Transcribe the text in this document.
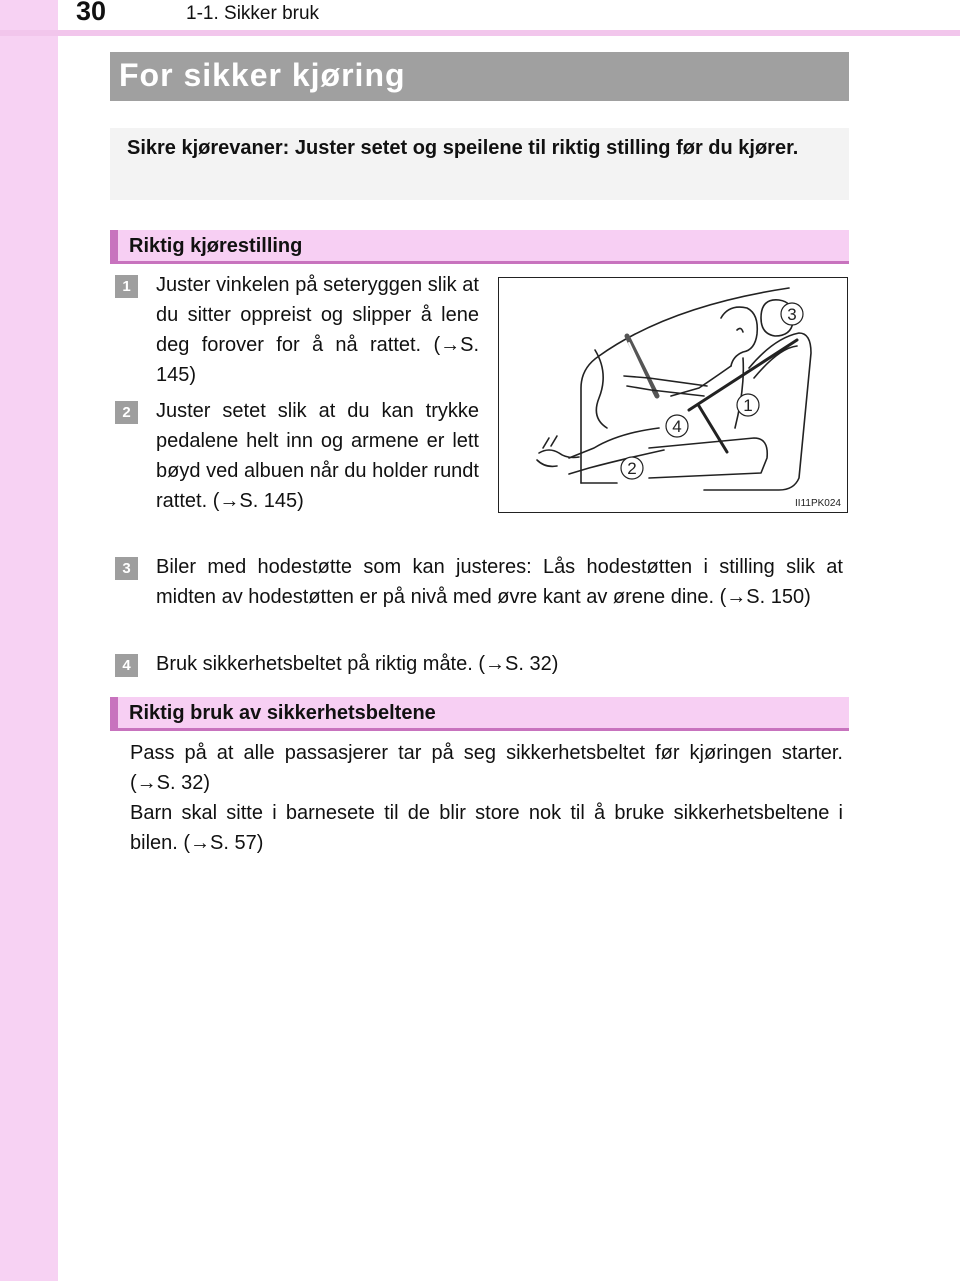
30	1-1. Sikker bruk
For sikker kjøring
Sikre kjørevaner: Juster setet og speilene til riktig stilling før du kjører.
Riktig kjørestilling
1	Juster vinkelen på seteryggen slik at du sitter oppreist og slipper å lene deg forover for å nå rattet. (→S. 145)
2	Juster setet slik at du kan trykke pedalene helt inn og armene er lett bøyd ved albuen når du holder rundt rattet. (→S. 145)
3
1
4
2
II11PK024
3	Biler med hodestøtte som kan justeres: Lås hodestøtten i stilling slik at midten av hodestøtten er på nivå med øvre kant av ørene dine. (→S. 150)
4	Bruk sikkerhetsbeltet på riktig måte. (→S. 32)
Riktig bruk av sikkerhetsbeltene
Pass på at alle passasjerer tar på seg sikkerhetsbeltet før kjøringen starter. (→S. 32)
Barn skal sitte i barnesete til de blir store nok til å bruke sikkerhetsbeltene i bilen. (→S. 57)
